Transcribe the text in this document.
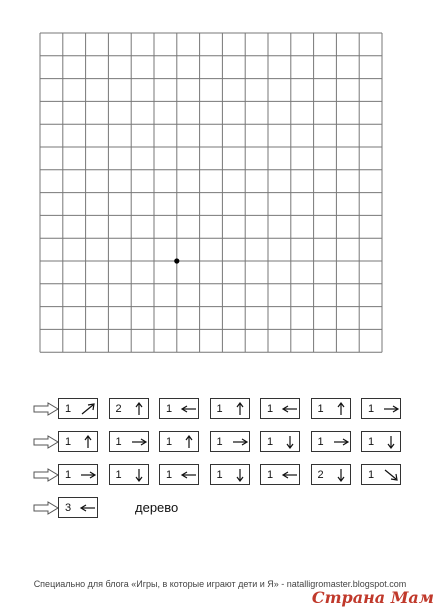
1	2	1	1	1	1	1
1	1	1	1	1	1	1
1	1	1	1	1	2	1
3	дерево
Специально для блога «Игры, в которые играют дети и Я» - natalligromaster.blogspot.com
Страна Мам
